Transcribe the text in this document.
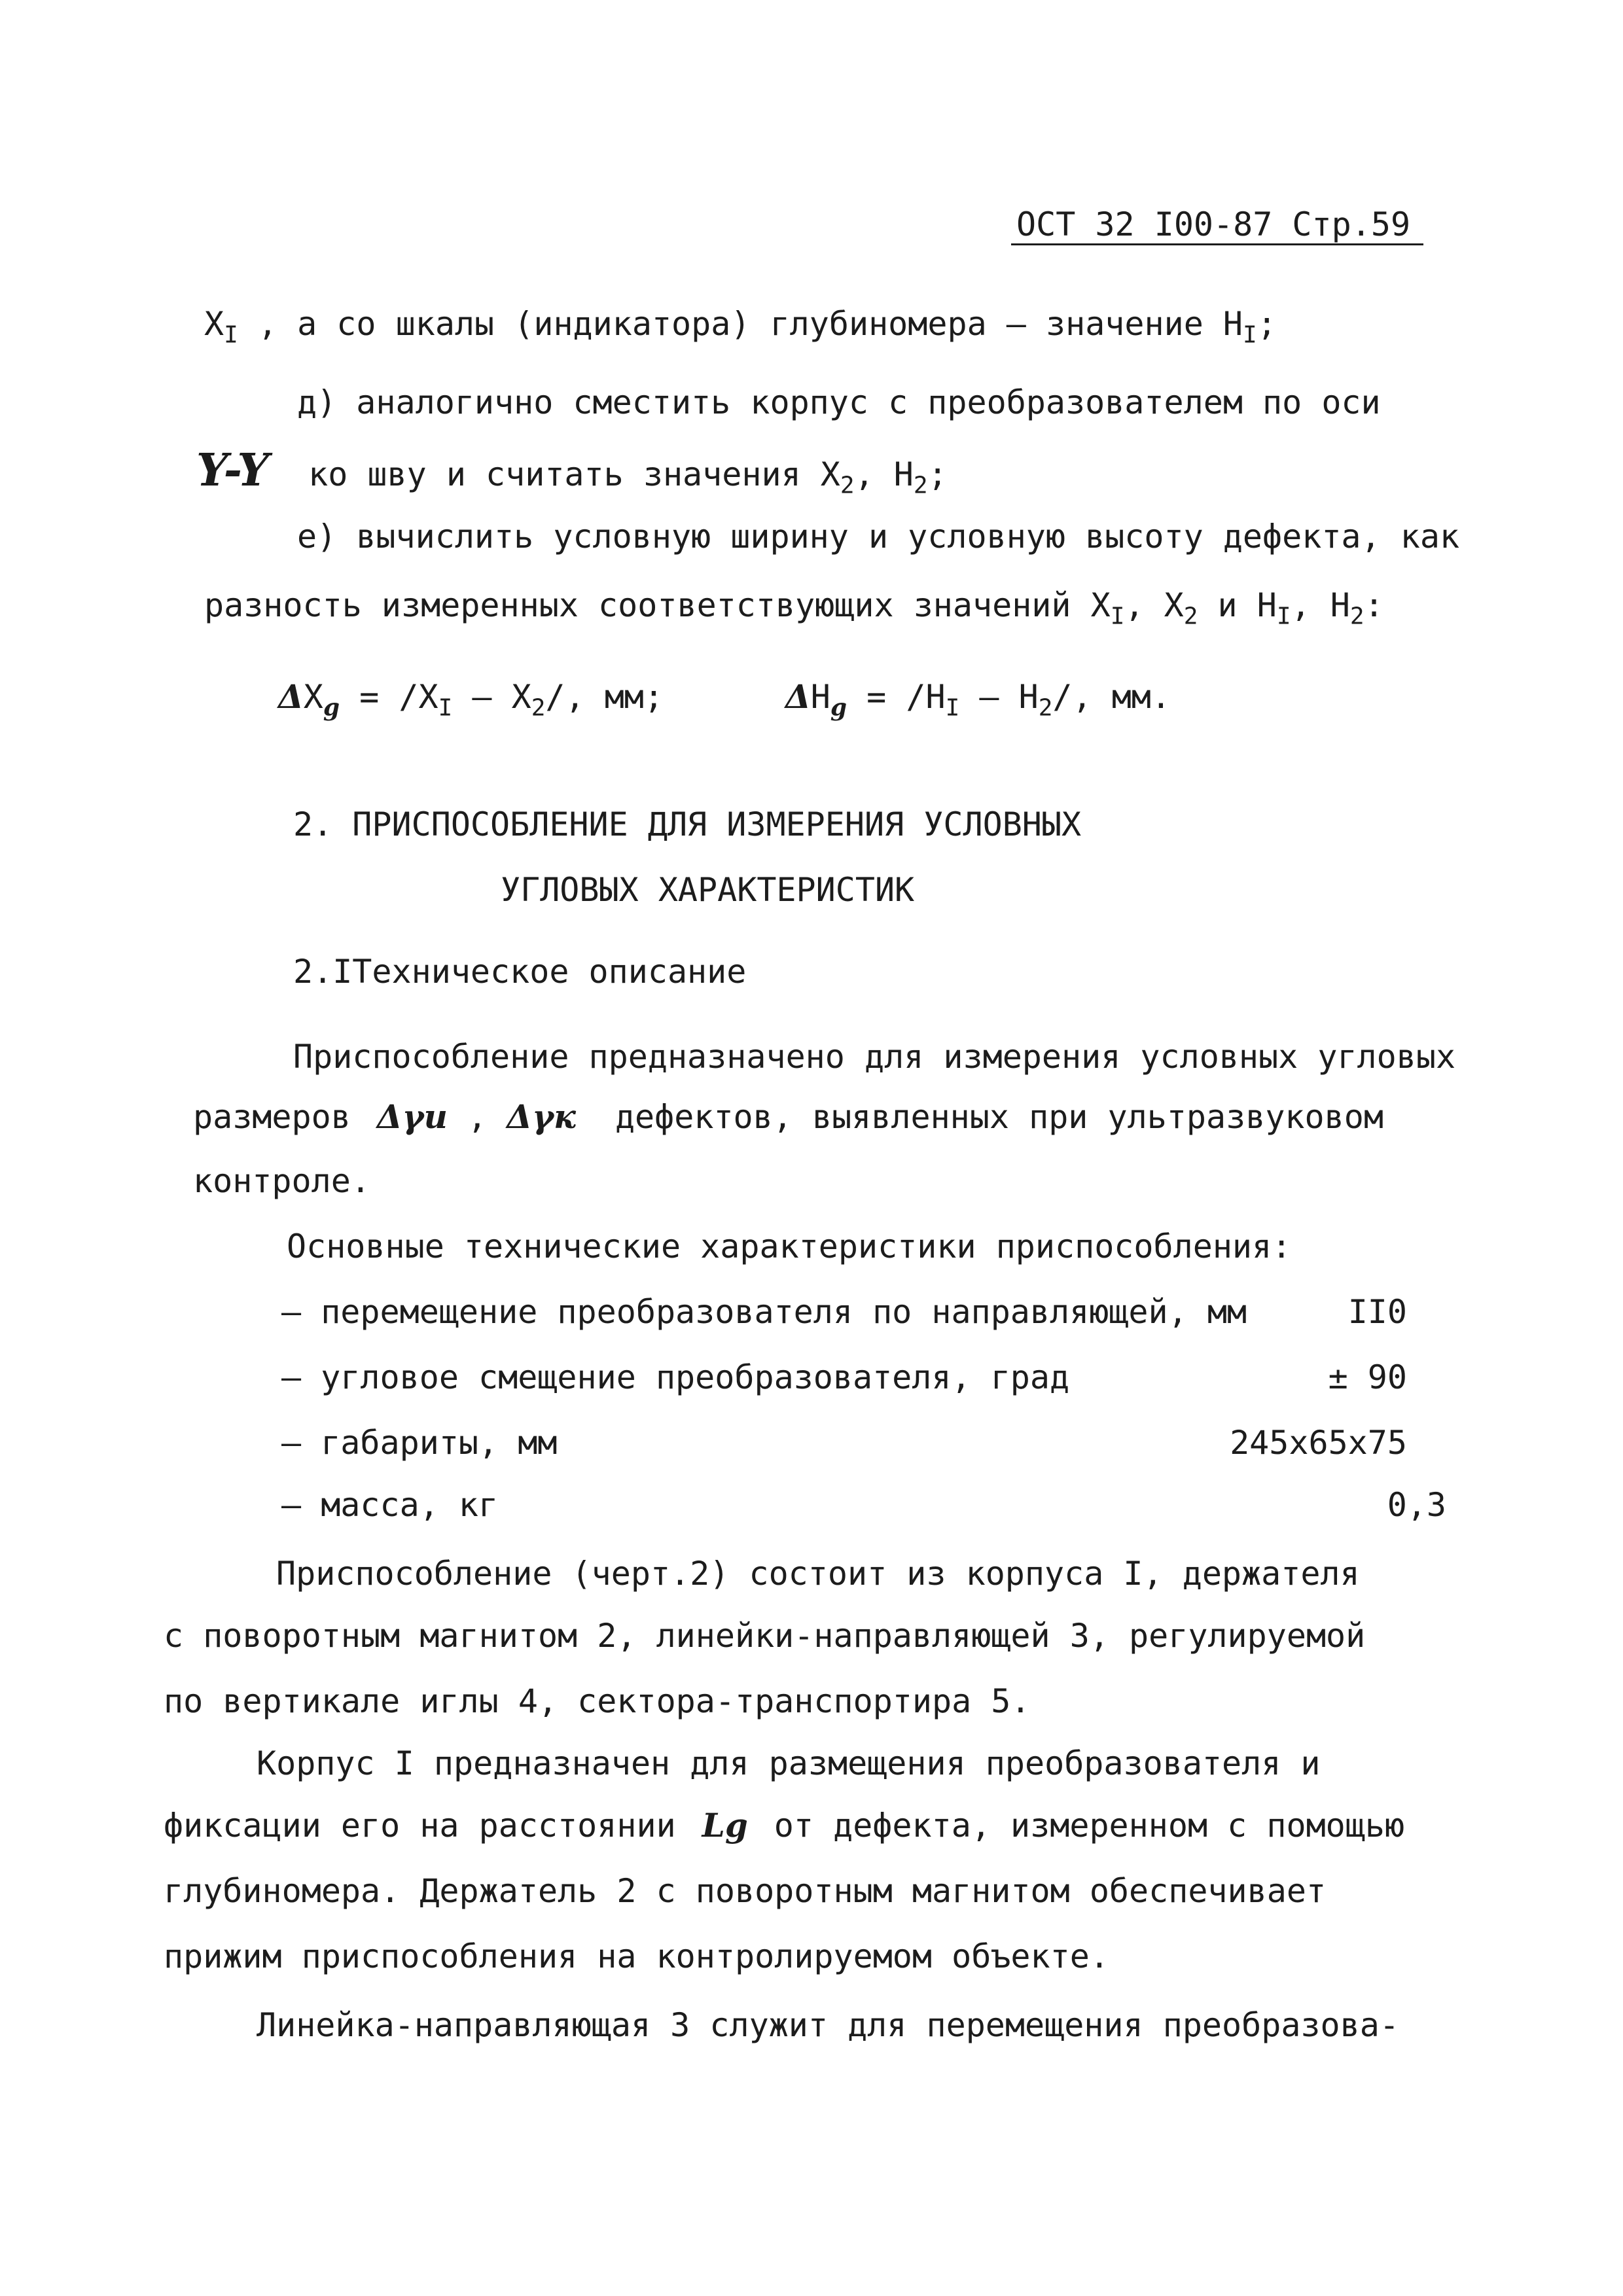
ОСТ 32 I00-87 Стр.59
$X_I$ , а со шкалы (индикатора) глубиномера – значение $H_I$;
д) аналогично сместить корпус с преобразователем по оси
Y-Y ко шву и считать значения $X_2$, $H_2$;
е) вычислить условную ширину и условную высоту дефекта, как
разность измеренных соответствующих значений $X_I$, $X_2$ и $H_I$, $H_2$:
$\Delta X_g = /X_I - X_2/$, мм;	$\Delta H_g = /H_I - H_2/$, мм.
2. ПРИСПОСОБЛЕНИЕ ДЛЯ ИЗМЕРЕНИЯ УСЛОВНЫХ
УГЛОВЫХ ХАРАКТЕРИСТИК
2.IТехническое описание
Приспособление предназначено для измерения условных угловых
размеров Δγи , Δγк дефектов, выявленных при ультразвуковом
контроле.
Основные технические характеристики приспособления:
– перемещение преобразователя по направляющей, мм	II0
– угловое смещение преобразователя, град	± 90
– габариты, мм	245x65x75
– масса, кг	0,3
Приспособление (черт.2) состоит из корпуса I, держателя
с поворотным магнитом 2, линейки-направляющей 3, регулируемой
по вертикале иглы 4, сектора-транспортира 5.
Корпус I предназначен для размещения преобразователя и
фиксации его на расстоянии Lg от дефекта, измеренном с помощью
глубиномера. Держатель 2 с поворотным магнитом обеспечивает
прижим приспособления на контролируемом объекте.
Линейка-направляющая 3 служит для перемещения преобразова-
